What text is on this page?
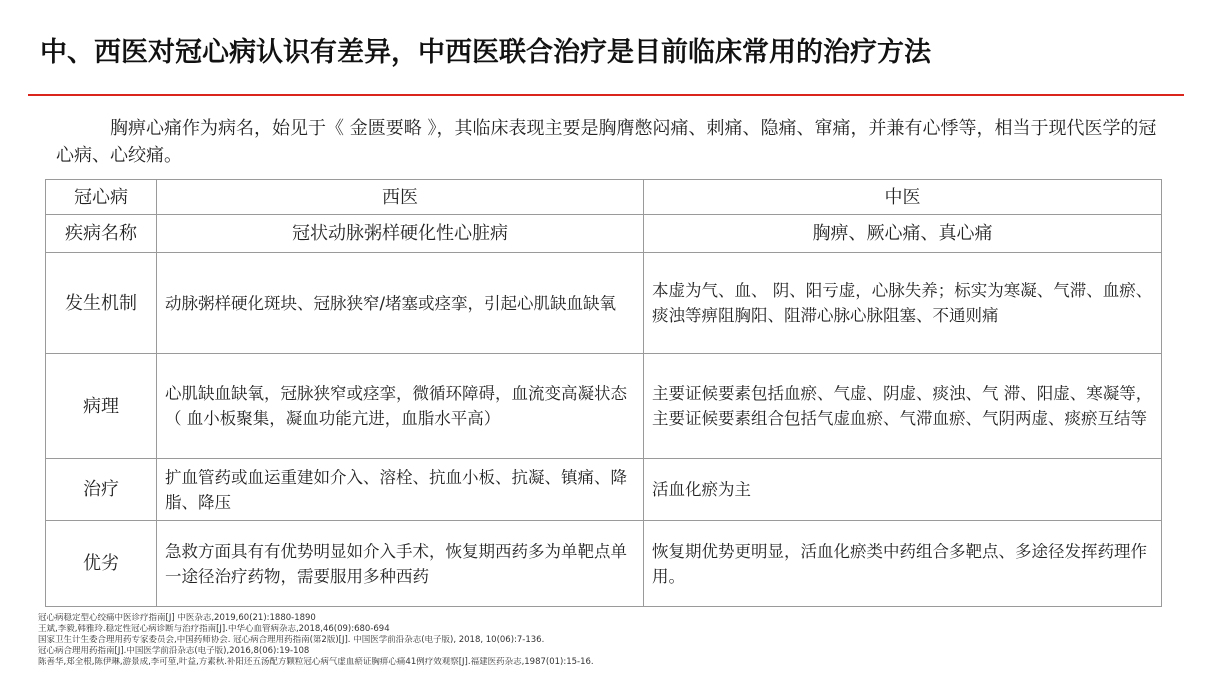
中、西医对冠心病认识有差异，中西医联合治疗是目前临床常用的治疗方法

胸痹心痛作为病名，始见于《 金匮要略 》，其临床表现主要是胸膺憋闷痛、刺痛、隐痛、窜痛，并兼有心悸等，相当于现代医学的冠心病、心绞痛。

冠心病	西医	中医
疾病名称	冠状动脉粥样硬化性心脏病	胸痹、厥心痛、真心痛
发生机制	动脉粥样硬化斑块、冠脉狭窄/堵塞或痉挛，引起心肌缺血缺氧	本虚为气、血、 阴、阳亏虚，心脉失养；标实为寒凝、气滞、血瘀、痰浊等痹阻胸阳、阻滞心脉心脉阻塞、不通则痛
病理	心肌缺血缺氧，冠脉狭窄或痉挛，微循环障碍，血流变高凝状态（ 血小板聚集，凝血功能亢进，血脂水平高）	主要证候要素包括血瘀、气虚、阴虚、痰浊、气 滞、阳虚、寒凝等，主要证候要素组合包括气虚血瘀、气滞血瘀、气阴两虚、痰瘀互结等
治疗	扩血管药或血运重建如介入、溶栓、抗血小板、抗凝、镇痛、降脂、降压	活血化瘀为主
优劣	急救方面具有有优势明显如介入手术，恢复期西药多为单靶点单一途径治疗药物，需要服用多种西药	恢复期优势更明显，活血化瘀类中药组合多靶点、多途径发挥药理作用。
冠心病稳定型心绞痛中医诊疗指南[J] 中医杂志,2019,60(21):1880-1890
王斌,李毅,韩雅玲.稳定性冠心病诊断与治疗指南[J].中华心血管病杂志,2018,46(09):680-694
国家卫生计生委合理用药专家委员会,中国药师协会. 冠心病合理用药指南(第2版)[J]. 中国医学前沿杂志(电子版), 2018, 10(06):7-136.
冠心病合理用药指南[J].中国医学前沿杂志(电子版),2016,8(06):19-108
陈善华,郑全根,陈伊琳,游景成,李可堃,叶益,方素秋.补阳还五汤配方颗粒冠心病气虚血瘀证胸痹心痛41例疗效观察[J].福建医药杂志,1987(01):15-16.
